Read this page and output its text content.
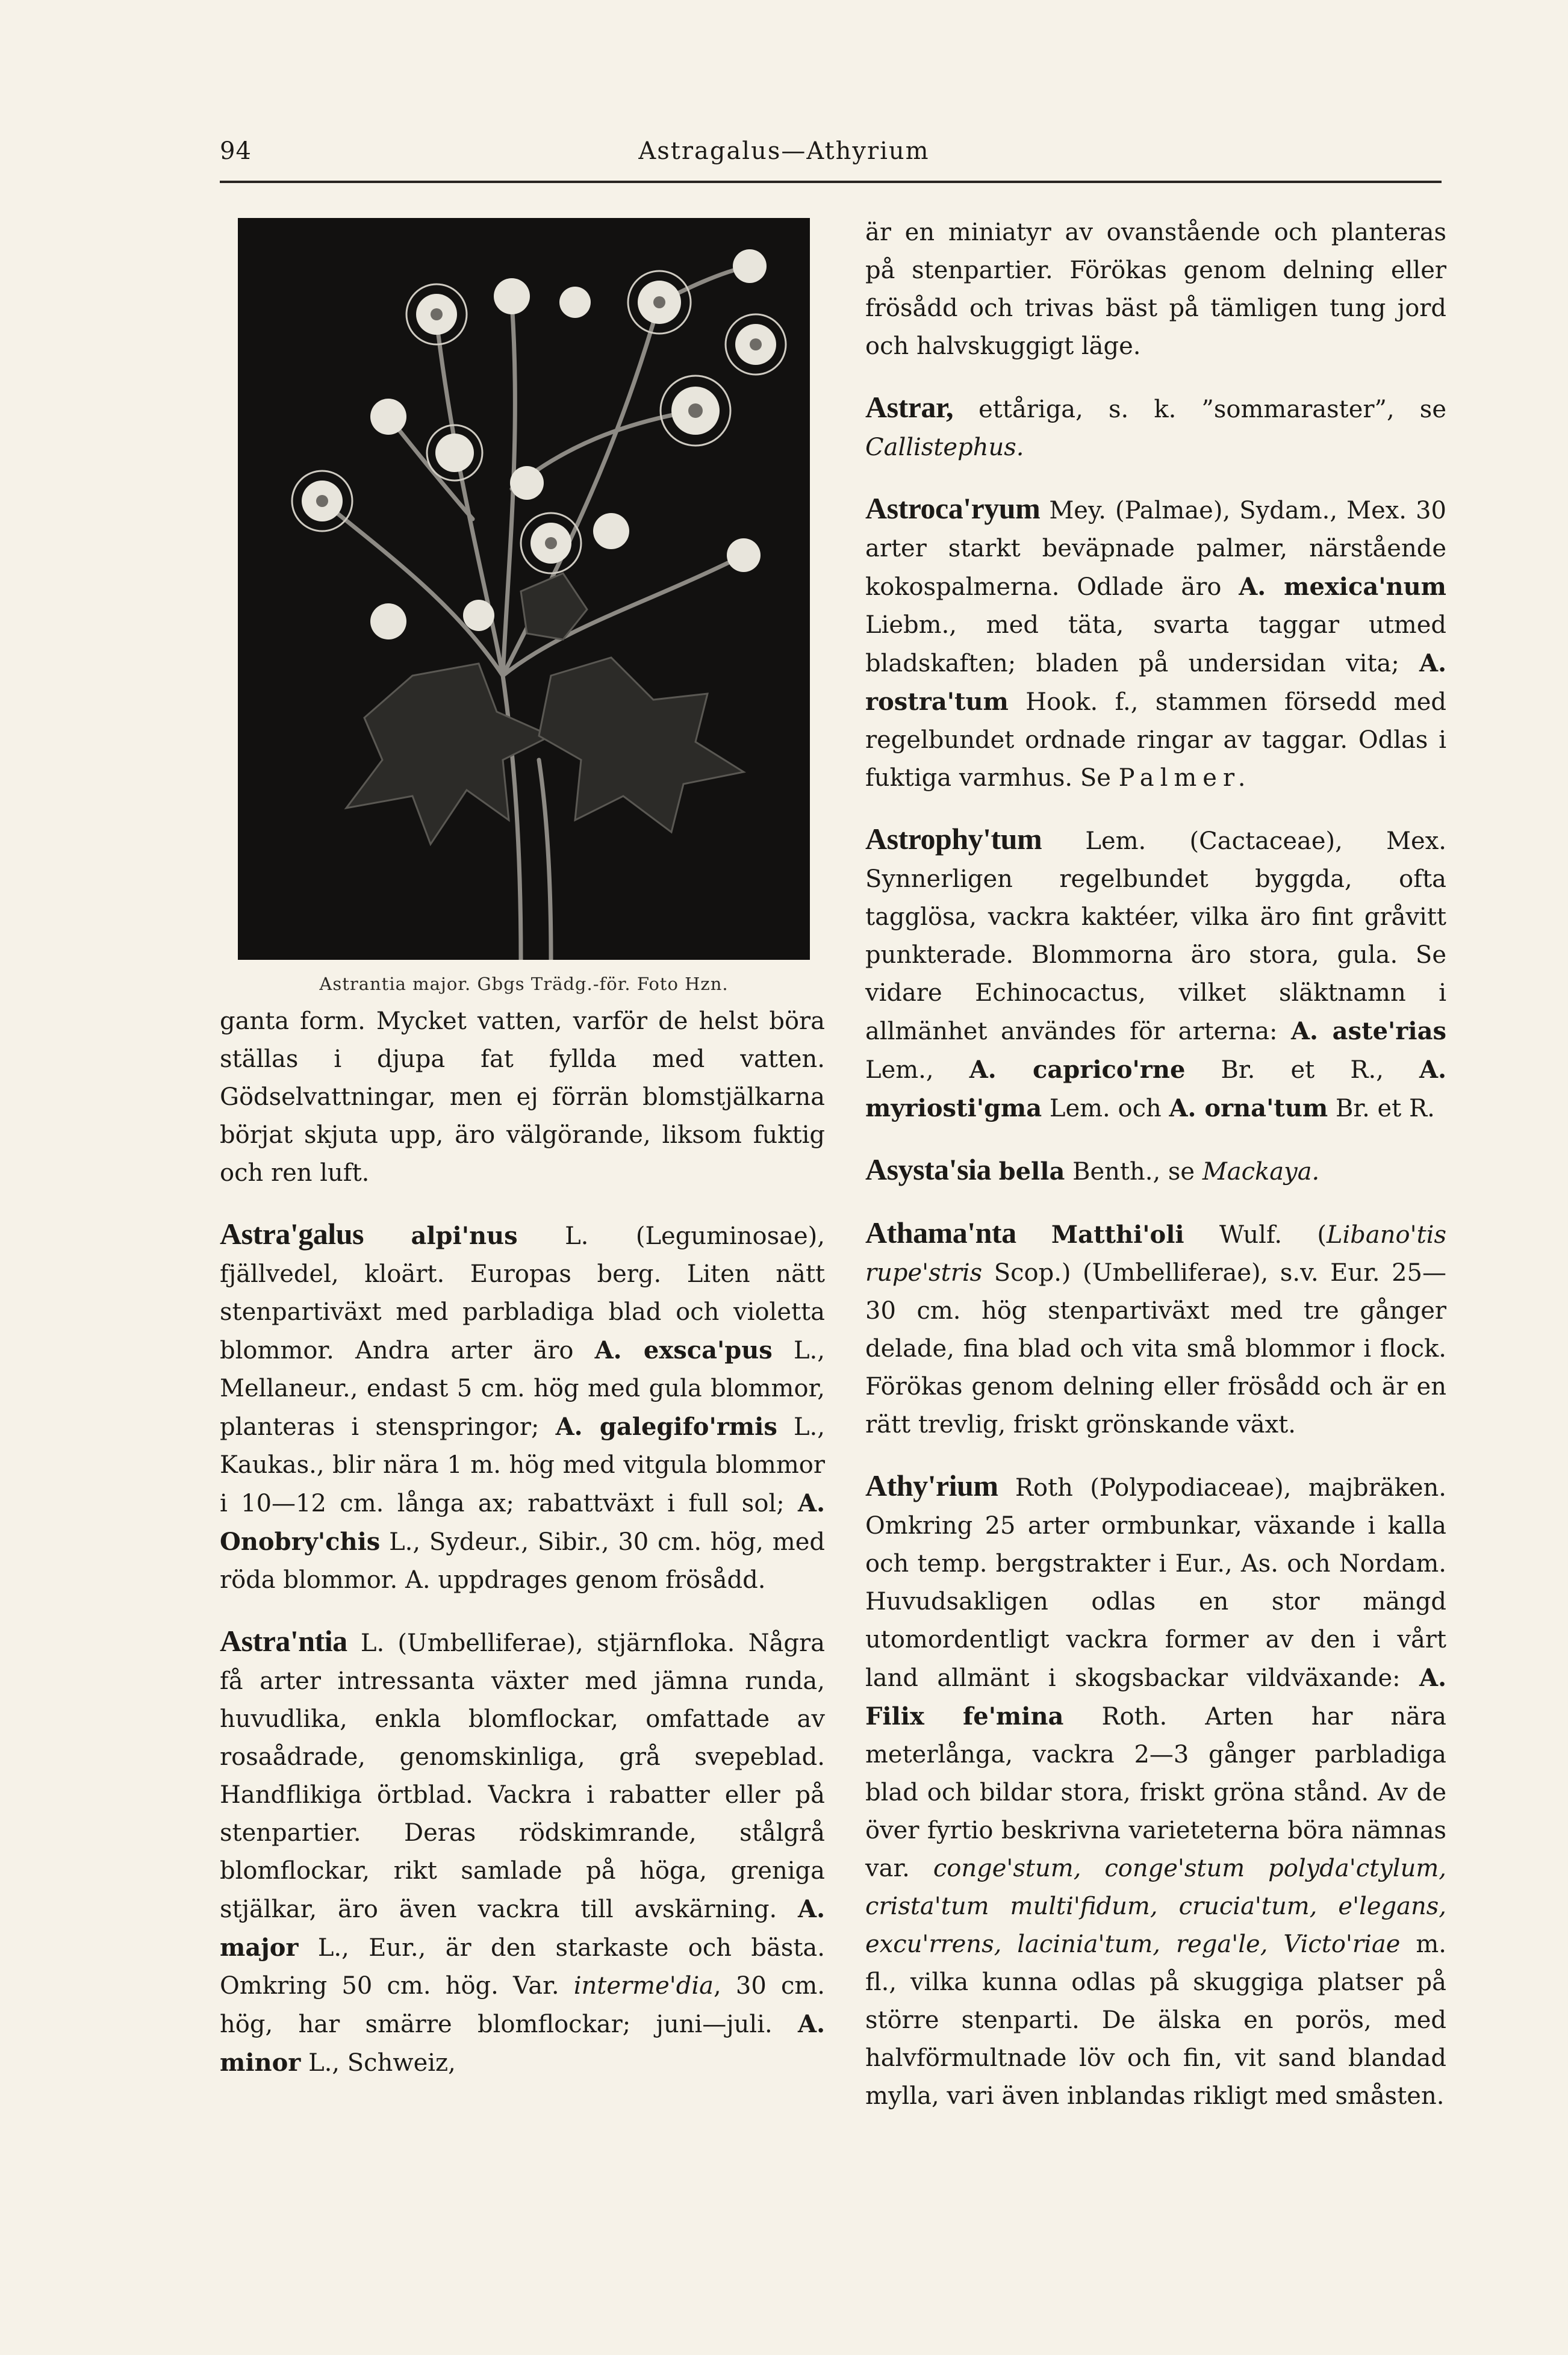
94	Astragalus—Athyrium
Astrantia major. Gbgs Trädg.-för. Foto Hzn.

ganta form. Mycket vatten, varför de helst böra ställas i djupa fat fyllda med vatten. Gödselvattningar, men ej förrän blomstjälkarna börjat skjuta upp, äro välgörande, liksom fuktig och ren luft.

Astra'galus alpi'nus L. (Leguminosae), fjällvedel, kloärt. Europas berg. Liten nätt stenpartiväxt med parbladiga blad och violetta blommor. Andra arter äro A. exsca'pus L., Mellaneur., endast 5 cm. hög med gula blommor, planteras i stenspringor; A. galegifo'rmis L., Kaukas., blir nära 1 m. hög med vitgula blommor i 10—12 cm. långa ax; rabattväxt i full sol; A. Onobry'chis L., Sydeur., Sibir., 30 cm. hög, med röda blommor. A. uppdrages genom frösådd.

Astra'ntia L. (Umbelliferae), stjärnfloka. Några få arter intressanta växter med jämna runda, huvudlika, enkla blomflockar, omfattade av rosaådrade, genomskinliga, grå svepeblad. Handflikiga örtblad. Vackra i rabatter eller på stenpartier. Deras rödskimrande, stålgrå blomflockar, rikt samlade på höga, greniga stjälkar, äro även vackra till avskärning. A. major L., Eur., är den starkaste och bästa. Omkring 50 cm. hög. Var. interme'dia, 30 cm. hög, har smärre blomflockar; juni—juli. A. minor L., Schweiz,

är en miniatyr av ovanstående och planteras på stenpartier. Förökas genom delning eller frösådd och trivas bäst på tämligen tung jord och halvskuggigt läge.

Astrar, ettåriga, s. k. ”sommaraster”, se Callistephus.

Astroca'ryum Mey. (Palmae), Sydam., Mex. 30 arter starkt beväpnade palmer, närstående kokospalmerna. Odlade äro A. mexica'num Liebm., med täta, svarta taggar utmed bladskaften; bladen på undersidan vita; A. rostra'tum Hook. f., stammen försedd med regelbundet ordnade ringar av taggar. Odlas i fuktiga varmhus. Se Palmer.

Astrophy'tum Lem. (Cactaceae), Mex. Synnerligen regelbundet byggda, ofta tagglösa, vackra kaktéer, vilka äro fint gråvitt punkterade. Blommorna äro stora, gula. Se vidare Echinocactus, vilket släktnamn i allmänhet användes för arterna: A. aste'rias Lem., A. caprico'rne Br. et R., A. myriosti'gma Lem. och A. orna'tum Br. et R.

Asysta'sia bella Benth., se Mackaya.

Athama'nta Matthi'oli Wulf. (Libano'tis rupe'stris Scop.) (Umbelliferae), s.v. Eur. 25—30 cm. hög stenpartiväxt med tre gånger delade, fina blad och vita små blommor i flock. Förökas genom delning eller frösådd och är en rätt trevlig, friskt grönskande växt.

Athy'rium Roth (Polypodiaceae), majbräken. Omkring 25 arter ormbunkar, växande i kalla och temp. bergstrakter i Eur., As. och Nordam. Huvudsakligen odlas en stor mängd utomordentligt vackra former av den i vårt land allmänt i skogsbackar vildväxande: A. Filix fe'mina Roth. Arten har nära meterlånga, vackra 2—3 gånger parbladiga blad och bildar stora, friskt gröna stånd. Av de över fyrtio beskrivna varieteterna böra nämnas var. conge'stum, conge'stum polyda'ctylum, crista'tum multi'fidum, crucia'tum, e'legans, excu'rrens, lacinia'tum, rega'le, Victo'riae m. fl., vilka kunna odlas på skuggiga platser på större stenparti. De älska en porös, med halvförmultnade löv och fin, vit sand blandad mylla, vari även inblandas rikligt med småsten.
